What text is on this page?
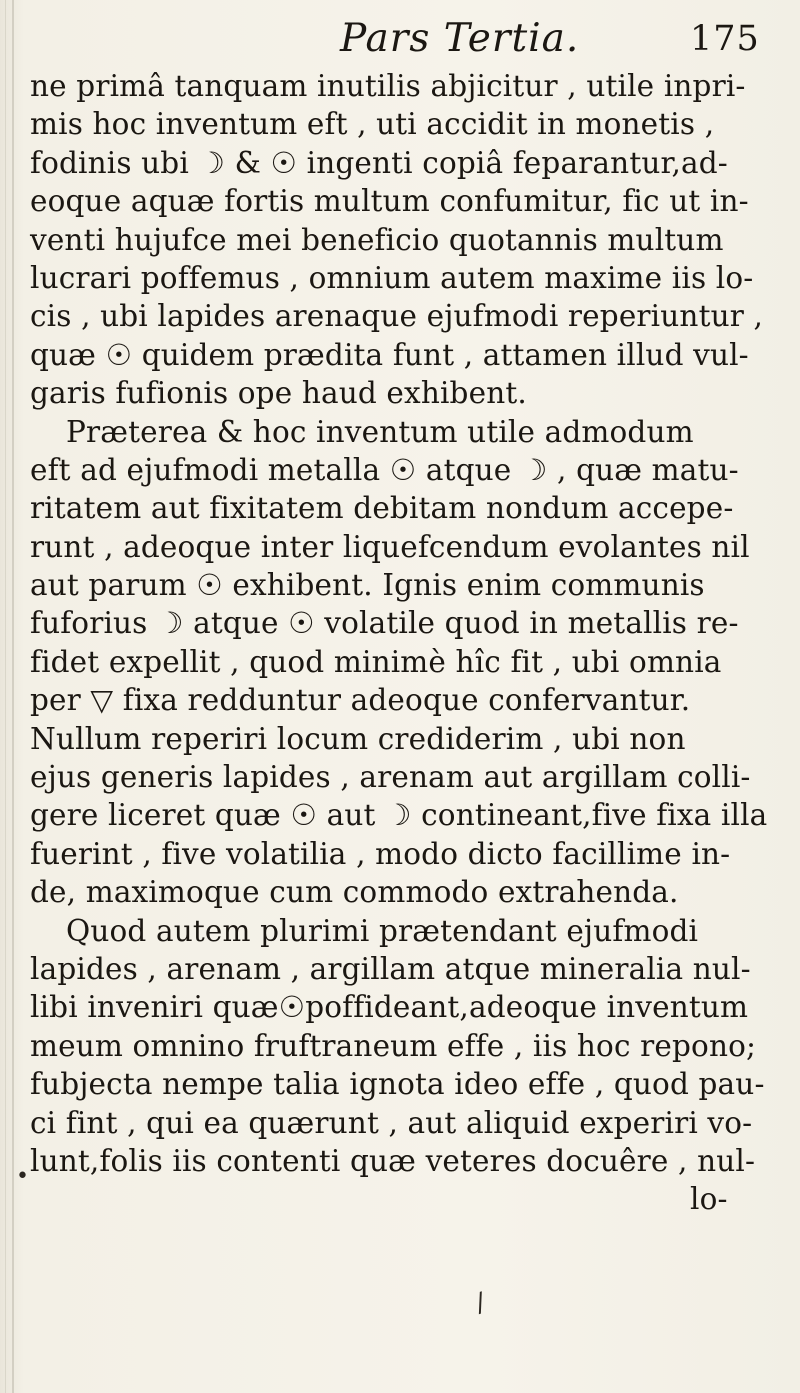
Pars Tertia.	175
ne primâ tanquam inutilis abjicitur , utile inpri-
mis hoc inventum eft , uti accidit in monetis ,
fodinis ubi ☽ & ☉ ingenti copiâ feparantur,ad-
eoque aquæ fortis multum confumitur, fic ut in-
venti hujufce mei beneficio quotannis multum
lucrari poffemus , omnium autem maxime iis lo-
cis , ubi lapides arenaque ejufmodi reperiuntur ,
quæ ☉ quidem prædita funt , attamen illud vul-
garis fufionis ope haud exhibent.
Præterea & hoc inventum utile admodum
eft ad ejufmodi metalla ☉ atque ☽ , quæ matu-
ritatem aut fixitatem debitam nondum accepe-
runt , adeoque inter liquefcendum evolantes nil
aut parum ☉ exhibent. Ignis enim communis
fuforius ☽ atque ☉ volatile quod in metallis re-
fidet expellit , quod minimè hîc fit , ubi omnia
per ▽ fixa redduntur adeoque confervantur.
Nullum reperiri locum crediderim , ubi non
ejus generis lapides , arenam aut argillam colli-
gere liceret quæ ☉ aut ☽ contineant,five fixa illa
fuerint , five volatilia , modo dicto facillime in-
de, maximoque cum commodo extrahenda.
Quod autem plurimi prætendant ejufmodi
lapides , arenam , argillam atque mineralia nul-
libi inveniri quæ☉poffideant,adeoque inventum
meum omnino fruftraneum effe , iis hoc repono;
fubjecta nempe talia ignota ideo effe , quod pau-
ci fint , qui ea quærunt , aut aliquid experiri vo-
lunt,folis iis contenti quæ veteres docuêre , nul-
lo-
•
/
